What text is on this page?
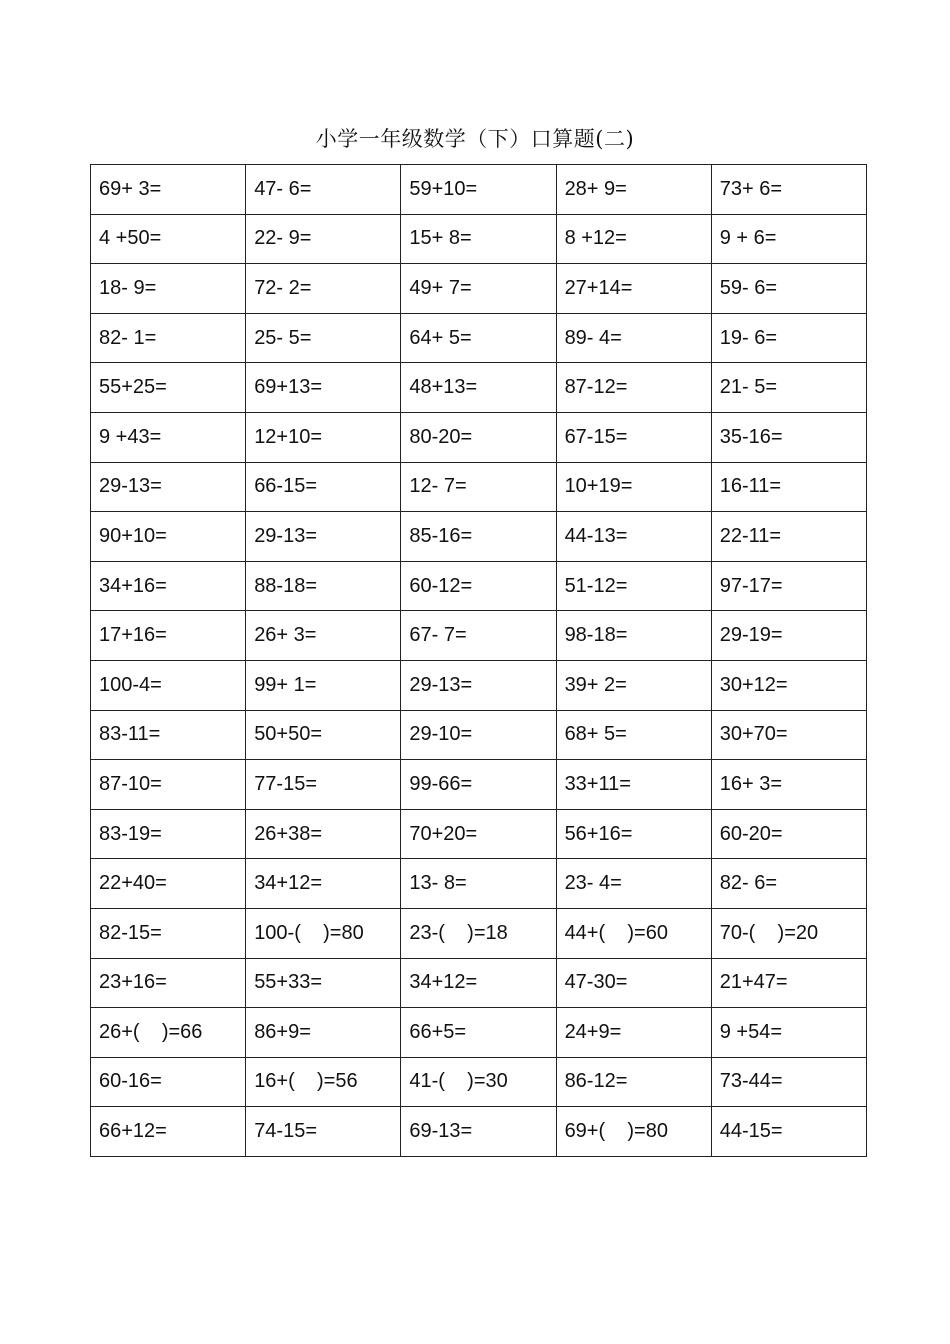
小学一年级数学（下）口算题(二)
69+ 3=	47- 6=	59+10=	28+ 9=	73+ 6=
4 +50=	22- 9=	15+ 8=	8 +12=	9 + 6=
18- 9=	72- 2=	49+ 7=	27+14=	59- 6=
82- 1=	25- 5=	64+ 5=	89- 4=	19- 6=
55+25=	69+13=	48+13=	87-12=	21- 5=
9 +43=	12+10=	80-20=	67-15=	35-16=
29-13=	66-15=	12- 7=	10+19=	16-11=
90+10=	29-13=	85-16=	44-13=	22-11=
34+16=	88-18=	60-12=	51-12=	97-17=
17+16=	26+ 3=	67- 7=	98-18=	29-19=
100-4=	99+ 1=	29-13=	39+ 2=	30+12=
83-11=	50+50=	29-10=	68+ 5=	30+70=
87-10=	77-15=	99-66=	33+11=	16+ 3=
83-19=	26+38=	70+20=	56+16=	60-20=
22+40=	34+12=	13- 8=	23- 4=	82- 6=
82-15=	100-(    )=80	23-(    )=18	44+(    )=60	70-(    )=20
23+16=	55+33=	34+12=	47-30=	21+47=
26+(    )=66	86+9=	66+5=	24+9=	9 +54=
60-16=	16+(    )=56	41-(    )=30	86-12=	73-44=
66+12=	74-15=	69-13=	69+(    )=80	44-15=
